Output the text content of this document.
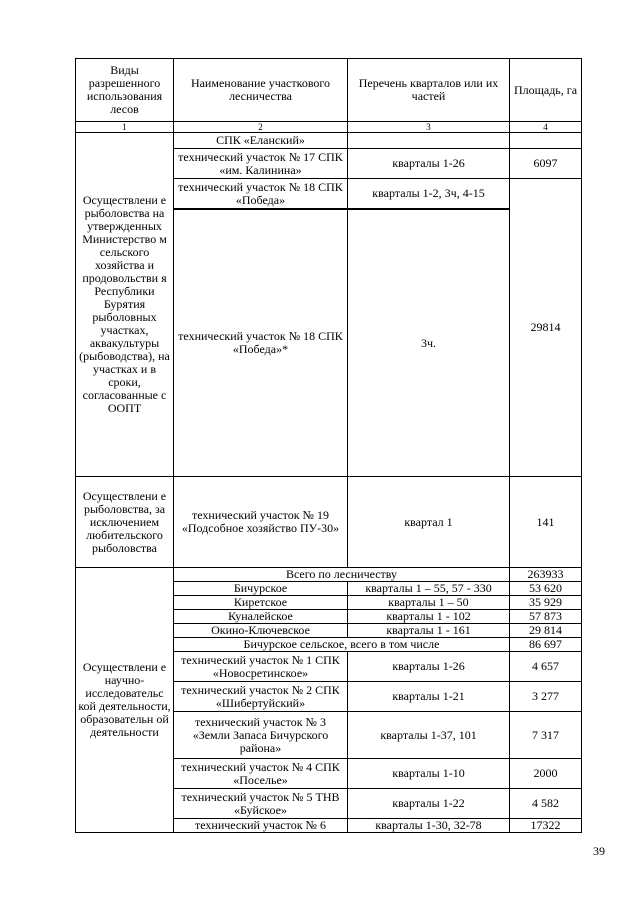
Виды разрешенного использования лесов	Наименование участкового лесничества	Перечень кварталов или их частей	Площадь, га
1	2	3	4
Осуществлени е рыболовства на утвержденных Министерство м сельского хозяйства и продовольстви я Республики Бурятия рыболовных участках, аквакультуры (рыбоводства), на участках и в сроки, согласованные с ООПТ	СПК «Еланский»		
	технический участок № 17 СПК «им. Калинина»	кварталы 1-26	6097
	технический участок № 18 СПК «Победа»	кварталы 1-2, 3ч, 4-15	29814

	технический участок № 18 СПК «Победа»*	3ч.	
Осуществлени е рыболовства, за исключением любительского рыболовства	технический участок № 19 «Подсобное хозяйство ПУ-30»	квартал 1	141
Осуществлени е научно-исследовательс кой деятельности, образовательн ой деятельности	Всего по лесничеству		263933
	Бичурское	кварталы 1 – 55, 57 - 330	53 620
	Киретское	кварталы 1 – 50	35 929
	Куналейское	кварталы 1 - 102	57 873
	Окино-Ключевское	кварталы 1 - 161	29 814
	Бичурское сельское, всего в том числе		86 697
	технический участок № 1 СПК «Новосретинское»	кварталы 1-26	4 657
	технический участок № 2 СПК «Шибертуйский»	кварталы 1-21	3 277
	технический участок № 3 «Земли Запаса Бичурского района»	кварталы 1-37, 101	7 317
	технический участок № 4 СПК «Поселье»	кварталы 1-10	2000
	технический участок № 5 ТНВ «Буйское»	кварталы 1-22	4 582
	технический участок № 6	кварталы 1-30, 32-78	17322
39
